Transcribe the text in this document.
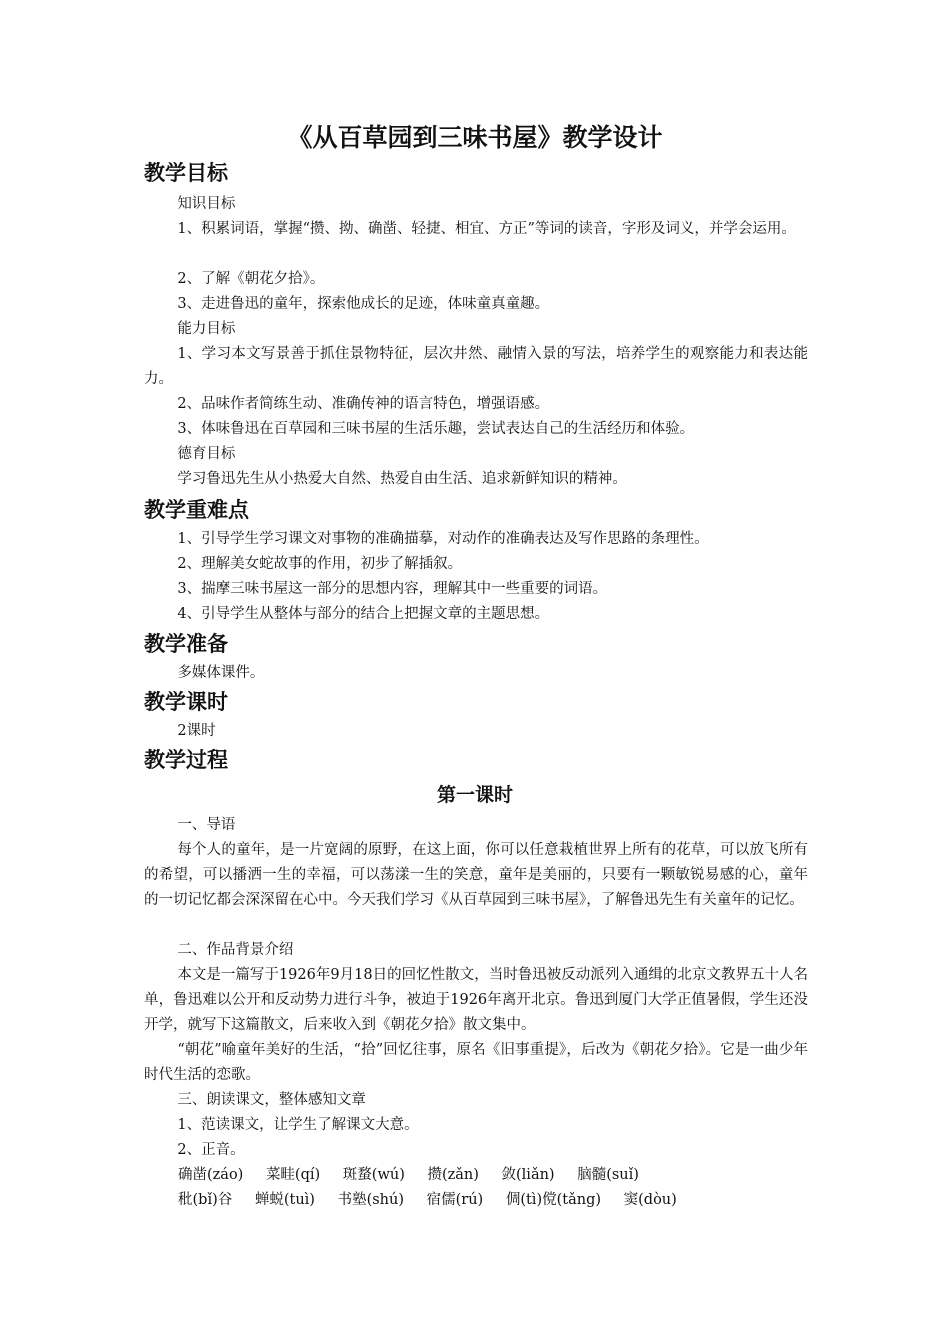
《从百草园到三味书屋》教学设计
教学目标
知识目标
1、积累词语，掌握“攒、拗、确凿、轻捷、相宜、方正”等词的读音，字形及词义，并学会运用。
2、了解《朝花夕拾》。
3、走进鲁迅的童年，探索他成长的足迹，体味童真童趣。
能力目标
1、学习本文写景善于抓住景物特征，层次井然、融情入景的写法，培养学生的观察能力和表达能力。
2、品味作者简练生动、准确传神的语言特色，增强语感。
3、体味鲁迅在百草园和三味书屋的生活乐趣，尝试表达自己的生活经历和体验。
德育目标
学习鲁迅先生从小热爱大自然、热爱自由生活、追求新鲜知识的精神。
教学重难点
1、引导学生学习课文对事物的准确描摹，对动作的准确表达及写作思路的条理性。
2、理解美女蛇故事的作用，初步了解插叙。
3、揣摩三味书屋这一部分的思想内容，理解其中一些重要的词语。
4、引导学生从整体与部分的结合上把握文章的主题思想。
教学准备
多媒体课件。
教学课时
2课时
教学过程
第一课时
一、导语
每个人的童年，是一片宽阔的原野，在这上面，你可以任意栽植世界上所有的花草，可以放飞所有的希望，可以播洒一生的幸福，可以荡漾一生的笑意，童年是美丽的，只要有一颗敏锐易感的心，童年的一切记忆都会深深留在心中。今天我们学习《从百草园到三味书屋》，了解鲁迅先生有关童年的记忆。
二、作品背景介绍
本文是一篇写于1926年9月18日的回忆性散文，当时鲁迅被反动派列入通缉的北京文教界五十人名单，鲁迅难以公开和反动势力进行斗争，被迫于1926年离开北京。鲁迅到厦门大学正值暑假，学生还没开学，就写下这篇散文，后来收入到《朝花夕拾》散文集中。
“朝花”喻童年美好的生活，“拾”回忆往事，原名《旧事重提》，后改为《朝花夕拾》。它是一曲少年时代生活的恋歌。
三、朗读课文，整体感知文章
1、范读课文，让学生了解课文大意。
2、正音。
确凿(záo) 菜畦(qí) 斑蝥(wú) 攒(zǎn) 敛(liǎn) 脑髓(suǐ)
秕(bǐ)谷 蝉蜕(tuì) 书塾(shú) 宿儒(rú) 倜(tì)傥(tǎng) 窦(dòu)
